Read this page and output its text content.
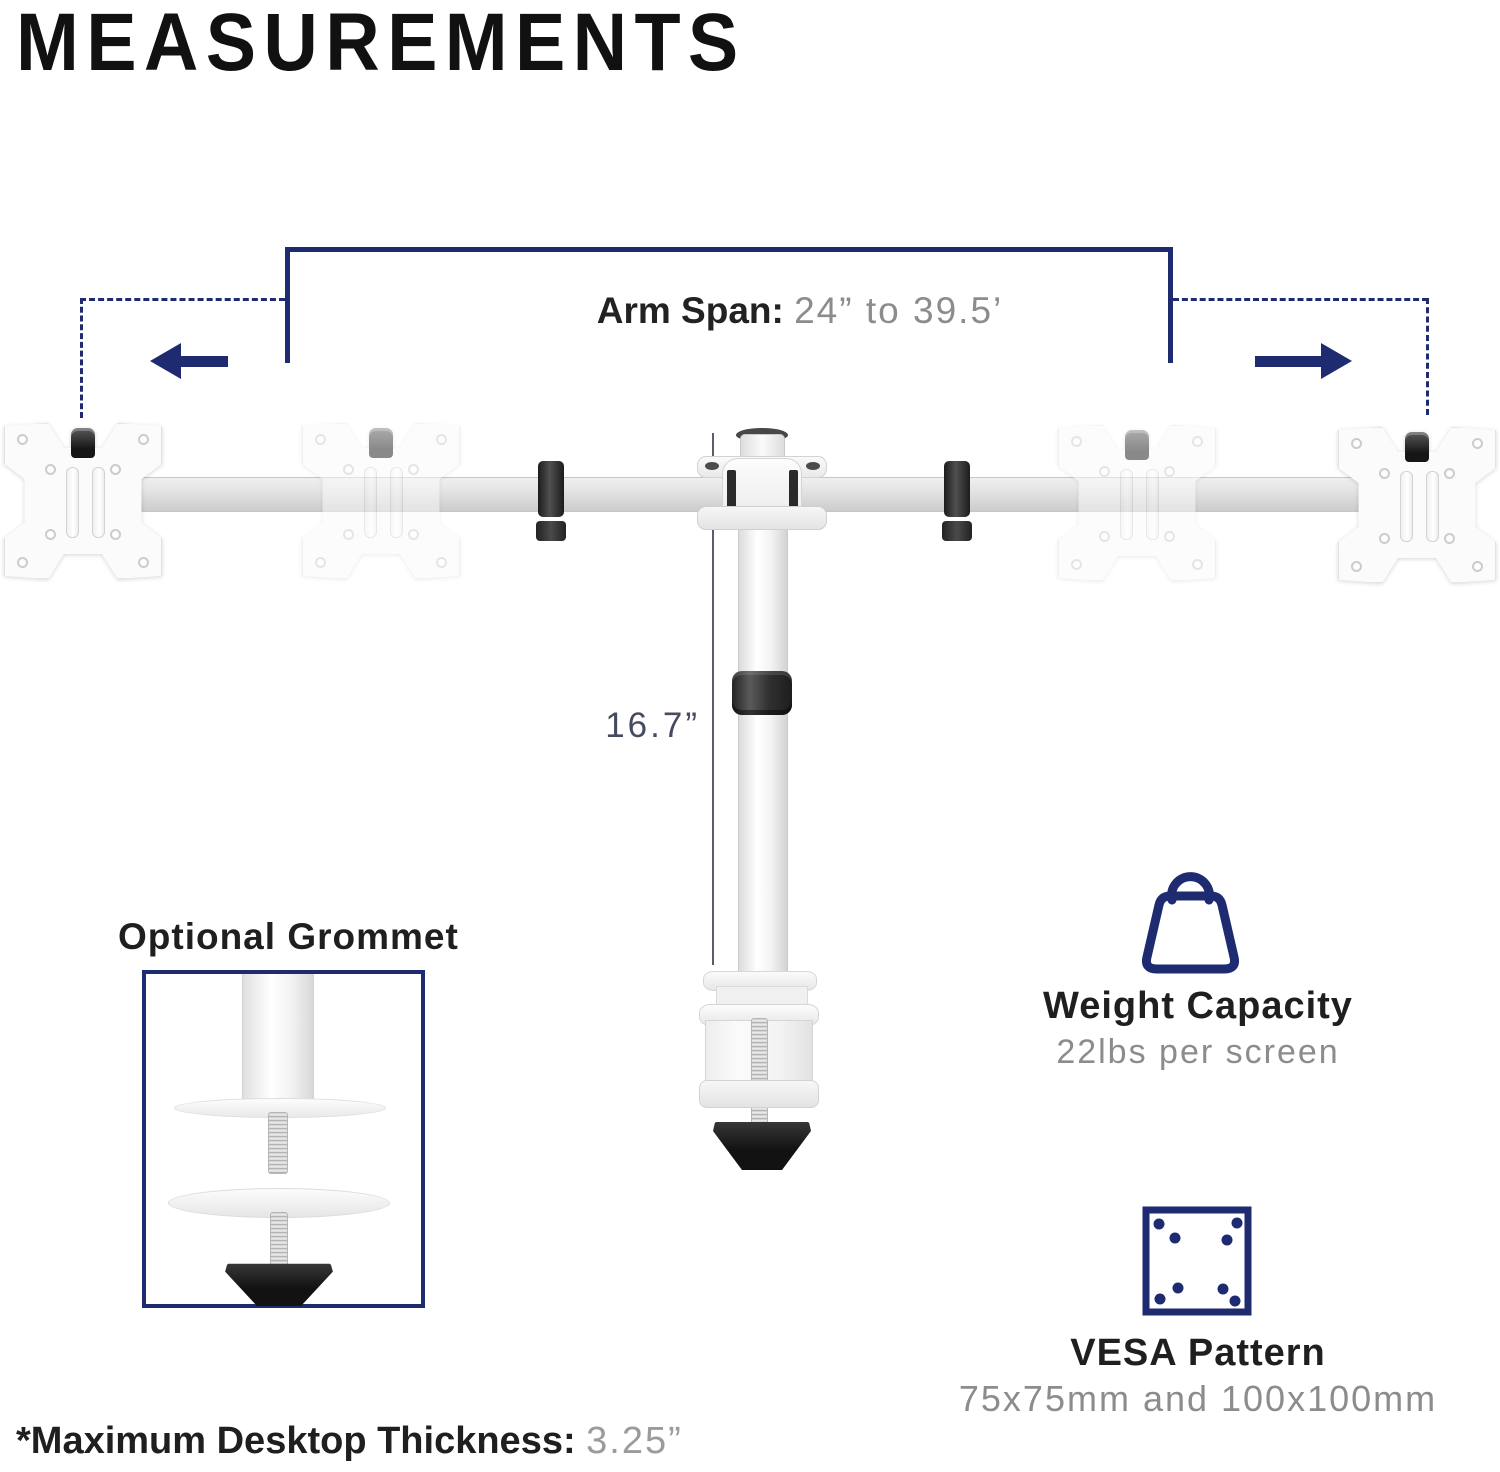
MEASUREMENTS
Arm Span: 24” to 39.5’
16.7”
Optional Grommet
Weight Capacity
22lbs per screen
VESA Pattern
75x75mm and 100x100mm
*Maximum Desktop Thickness: 3.25”
